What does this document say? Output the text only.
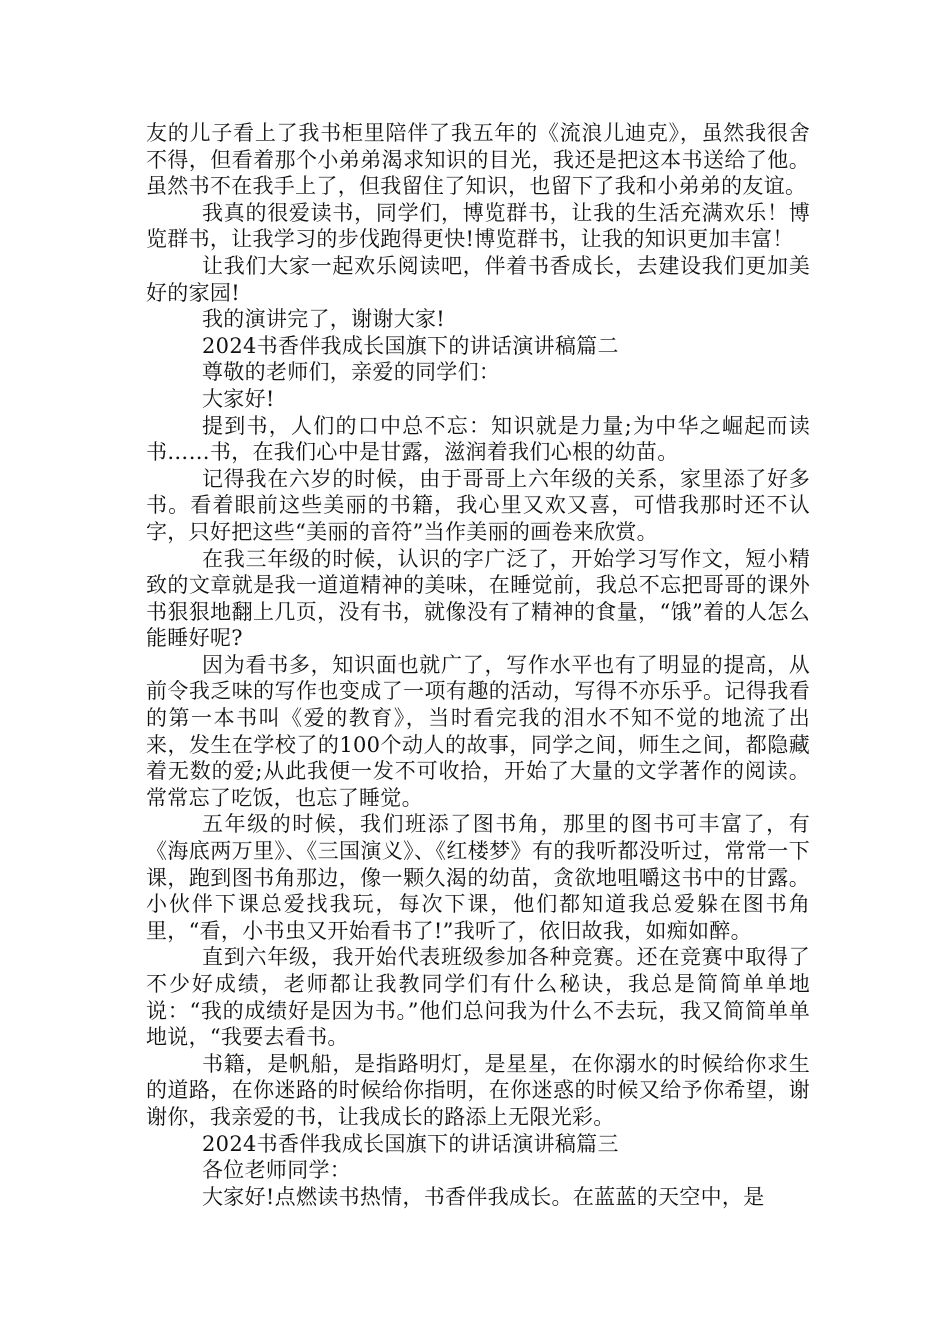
友的儿子看上了我书柜里陪伴了我五年的《流浪儿迪克》，虽然我很舍不得，但看着那个小弟弟渴求知识的目光，我还是把这本书送给了他。虽然书不在我手上了，但我留住了知识，也留下了我和小弟弟的友谊。

我真的很爱读书，同学们，博览群书，让我的生活充满欢乐！博览群书，让我学习的步伐跑得更快!博览群书，让我的知识更加丰富！

让我们大家一起欢乐阅读吧，伴着书香成长，去建设我们更加美好的家园!

我的演讲完了，谢谢大家!

2024书香伴我成长国旗下的讲话演讲稿篇二

尊敬的老师们，亲爱的同学们：

大家好!

提到书，人们的口中总不忘：知识就是力量;为中华之崛起而读书……书，在我们心中是甘露，滋润着我们心根的幼苗。

记得我在六岁的时候，由于哥哥上六年级的关系，家里添了好多书。看着眼前这些美丽的书籍，我心里又欢又喜，可惜我那时还不认字，只好把这些“美丽的音符”当作美丽的画卷来欣赏。

在我三年级的时候，认识的字广泛了，开始学习写作文，短小精致的文章就是我一道道精神的美味，在睡觉前，我总不忘把哥哥的课外书狠狠地翻上几页，没有书，就像没有了精神的食量，“饿”着的人怎么能睡好呢?

因为看书多，知识面也就广了，写作水平也有了明显的提高，从前令我乏味的写作也变成了一项有趣的活动，写得不亦乐乎。记得我看的第一本书叫《爱的教育》，当时看完我的泪水不知不觉的地流了出来，发生在学校了的100个动人的故事，同学之间，师生之间，都隐藏着无数的爱;从此我便一发不可收拾，开始了大量的文学著作的阅读。常常忘了吃饭，也忘了睡觉。

五年级的时候，我们班添了图书角，那里的图书可丰富了，有《海底两万里》、《三国演义》、《红楼梦》有的我听都没听过，常常一下课，跑到图书角那边，像一颗久渴的幼苗，贪欲地咀嚼这书中的甘露。小伙伴下课总爱找我玩，每次下课，他们都知道我总爱躲在图书角里，“看，小书虫又开始看书了!”我听了，依旧故我，如痴如醉。

直到六年级，我开始代表班级参加各种竞赛。还在竞赛中取得了不少好成绩，老师都让我教同学们有什么秘诀，我总是简简单单地说：“我的成绩好是因为书。”他们总问我为什么不去玩，我又简简单单地说，“我要去看书。

书籍，是帆船，是指路明灯，是星星，在你溺水的时候给你求生的道路，在你迷路的时候给你指明，在你迷惑的时候又给予你希望，谢谢你，我亲爱的书，让我成长的路添上无限光彩。

2024书香伴我成长国旗下的讲话演讲稿篇三

各位老师同学：

大家好!点燃读书热情，书香伴我成长。在蓝蓝的天空中，是
